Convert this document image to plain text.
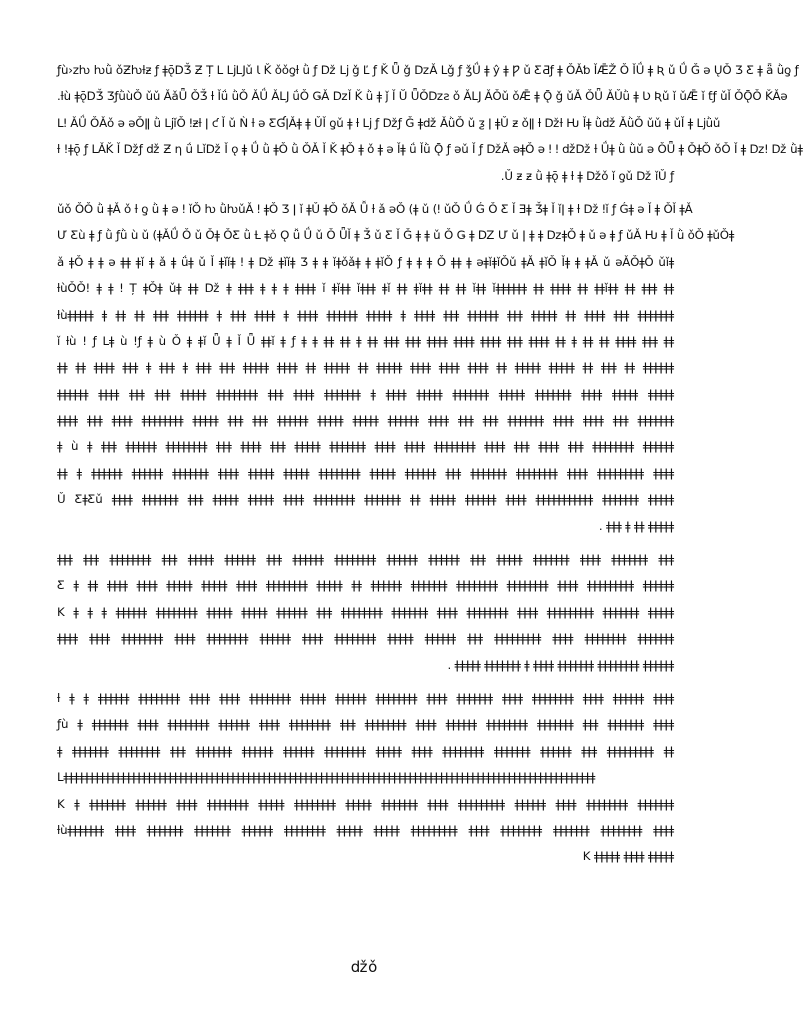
ƒù›zƕ ƕǜ ǒƵƕƚƶ ƒ ǂǭDǮ Ƶ Ț L ǈǇǔ Ɩ Ǩ ǒǒƍƚ ǜ ƒ ǅ ǈ ǧ Ľ ƒ Ǩ Ǖ ǧ ǲǍ Lǧ ƒ ǯǗ ǂ ŷ ǂ Ƿ ǔ ƸƋƒ ǂ ǑǍƅ ǏǢŽ Ǒ ǏǗ ǂ Ʀ ǔ Ǘ Ǧ ǝ ŲǑ Ʒ Ƹ ǂ ǟ ǜƍ ƒ
.ƚù ǂǭDǮ ƷƒǜùǑ ǔǔ ǍǎǕ ǑǮ ƚ Ǐǘ ǜǑ ǍǗ ǍǇ ǘǑ ǤǍ ǲǏ Ǩ ǜ ǂ ǰ Ǐ Ŭ ǕǑǲƨ ǒ ǍǇ ǍǑǔ ǒǢ ǂ Ǭ ǧ ǔǍ ǑǕ ǍǓǜ ǂ Ʋ Ʀǔ ǐ ǔǢ ǐ ƭƒ ǔǏ ǑǬǑ ǨǍǝ
Lǃ ǍǗ ǑǍǒ ǝ ǝǑǁ ǜ ǈǐǑ ǃƶƚ ǀ ƈ Ǐ ǔ Ǹ ƚ ǝ ƸƓǀǍǂ ǂ ǓǏ ƍǔ ǂ ƚ ǈ ƒ ǅƒ Ǧ ǂǆ ǍǜǑ ǔ ƺ ǀ ǂǓ ƶ ǒǁ ƚ ǅƚ Ƕ Ǐǂ ǜǆ ǍǜǑ ǔǔ ǂ ǔǏ ǂ ǈǜǔ
ƚ !ǂǭ ƒ LǍǨ Ǐ ǅƒ ǆ Ƶ ƞ ǘ Lǐǅ Ǐ ǫ ǂ Ǘ ǜ ǂǑ ǜ ǑǍ Ǐ Ǩ ǂǑ ǂ ǒ ǂ ǝ Ǐǂ ǘ Ǐǜ Ǭ ƒ ǝǔ Ǐ ƒ ǅǍ ǝǂǑ ǝ ǃ ǃ ǆǅ ƚ Ǘǂ ǜ ǜǔ ǝ ǑǕ ǂ ǑǂǑ ǒǑ Ǐ ǂ ǲǃ ǅ ǜǂ
.Ǔ ƶ ƶ ǜ ǂǭ ǂ ƚ ǂ ǅǒ ǐ ƍǔ ǅ ǐǓ ƒ
ǔǒ ǑǑ ǜ ǂǍ ǒ ƚ ƍ ǜ ǂ ǝ ǃ ǐǑ ƕ ǜƕǔǍ ǃ ǂǑ Ʒ ǀ ǐ ǂǓ ǂǑ ǒǍ Ǚ ƚ ǎ ǝǑ (ǂ ǔ (ǃ ǔǑ Ǘ Ǵ Ǒ Ƹ Ǐ Ǝǂ Ǯǂ Ǐ ǐǀ ǂ ƚ ǅ ǃǐ ƒ Ǵǂ ǝ Ǐ ǂ ǑǏ ǂǍ
Ư Ƹù ǂ ƒ ǜ ƒǜ ù ǔ (ǂǍǗ Ǒ ǔ Ǒǂ ǑƸ ǜ Ƚ ǂǒ Ǫ ǚ Ǘ ǔ Ǒ ǕǏ ǂ Ǯ ǔ Ƹ Ǐ Ǧ ǂ ǂ ǔ Ǒ Ǥ ǂ Ǳ Ư ǔ ǀ ǂ ǂ ǲǂǑ ǂ ǔ ǝ ǂ ƒ ǔǍ Ƕ ǂ Ǐ ǜ ǒǑ ǂǔǑǂ
ǎ ǂǑ ǂ ǂ ǝ ǂǂ ǂǐ ǂ ǎ ǂ ǘǂ ǔ Ǐ ǂǐǐǂ ǃ ǂ ǅ ǂǐǐǂ Ʒ ǂ ǂ ǐǂǒǎǂ ǂ ǂǐǑ ƒ ǂ ǂ ǂ Ǒ ǂǂ ǂ ǝǂǐǂǐǑǔ ǂǍ ǂǐǑ Ǐǂ ǂ ǂǍ ǔ ǝǍǑǂǑ ǔǐǂ
ƚùǑǑ! ǂ ǂ ǃ Ț ǂǑǂ ǔǂ ǂǂ ǅ ǂ ǂǂǂ ǂ ǂ ǂ ǂǂǂǂ ǐ ǂǐǂǂ ǐǂǂǂ ǂǐ ǂǂ ǂǐǂǂ ǂǂ ǂǂ ǐǂǂ ǐǂǂǂǂǂǂ ǂǂ ǂǂǂǂ ǂǂ ǂǂǐǂǂ ǂǂ ǂǂǂ ǂǂ
ƚùǂǂǂǂǂ ǂ ǂǂ ǂǂ ǂǂǂ ǂǂǂǂǂǂ ǂ ǂǂǂ ǂǂǂǂ ǂ ǂǂǂǂ ǂǂǂǂǂǂ ǂǂǂǂǂ ǂ ǂǂǂǂ ǂǂǂ ǂǂǂǂǂǂ ǂǂǂ ǂǂǂǂǂ ǂǂ ǂǂǂǂ ǂǂǂ ǂǂǂǂǂǂǂ
ǐ ƚù ! ƒ Lǂ ù !ƒ ǂ ù Ǒ ǂ ǂǐ Ǖ ǂ Ǐ Ǖ ǂǂǐ ǂ ƒ ǂ ǂ ǂǂ ǂǂ ǂ ǂǂ ǂǂǂ ǂǂǂ ǂǂǂǂ ǂǂǂǂ ǂǂǂǂ ǂǂǂ ǂǂǂǂ ǂǂ ǂ ǂǂ ǂǂ ǂǂǂǂ ǂǂǂ ǂǂ
ǂǂ ǂǂ ǂǂǂǂ ǂǂǂ ǂ ǂǂǂ ǂ ǂǂǂ ǂǂǂ ǂǂǂǂǂ ǂǂǂǂ ǂǂ ǂǂǂǂǂ ǂǂ ǂǂǂǂǂ ǂǂǂǂ ǂǂǂǂ ǂǂǂǂ ǂǂ ǂǂǂǂǂ ǂǂǂǂǂ ǂǂ ǂǂǂ ǂǂ ǂǂǂǂǂǂ
ǂǂǂǂǂǂ ǂǂǂǂ ǂǂǂ ǂǂǂ ǂǂǂǂǂ ǂǂǂǂǂǂǂǂ ǂǂǂ ǂǂǂǂ ǂǂǂǂǂǂǂ ǂ ǂǂǂǂ ǂǂǂǂǂ ǂǂǂǂǂǂǂ ǂǂǂǂǂ ǂǂǂǂǂǂǂ ǂǂǂǂ ǂǂǂǂǂ ǂǂǂǂǂ
ǂǂǂǂ ǂǂǂ ǂǂǂǂ ǂǂǂǂǂǂǂǂ ǂǂǂǂǂ ǂǂǂ ǂǂǂ ǂǂǂǂǂǂ ǂǂǂǂǂ ǂǂǂǂǂ ǂǂǂǂǂǂ ǂǂǂǂ ǂǂǂ ǂǂǂ ǂǂǂǂǂǂǂ ǂǂǂǂ ǂǂǂǂ ǂǂǂ ǂǂǂǂǂǂǂ
ǂ ù ǂ ǂǂǂ ǂǂǂǂǂǂ ǂǂǂǂǂǂǂǂ ǂǂǂ ǂǂǂǂ ǂǂǂ ǂǂǂǂǂ ǂǂǂǂǂǂǂ ǂǂǂǂ ǂǂǂǂ ǂǂǂǂǂǂǂǂ ǂǂǂǂ ǂǂǂ ǂǂǂǂ ǂǂǂ ǂǂǂǂǂǂǂǂ ǂǂǂǂǂǂ
ǂǂ ǂ ǂǂǂǂǂǂ ǂǂǂǂǂǂ ǂǂǂǂǂǂǂ ǂǂǂǂ ǂǂǂǂǂ ǂǂǂǂǂ ǂǂǂǂǂǂǂǂ ǂǂǂǂǂ ǂǂǂǂǂǂ ǂǂǂ ǂǂǂǂǂǂǂ ǂǂǂǂǂǂǂǂ ǂǂǂǂ ǂǂǂǂǂǂǂǂǂ ǂǂǂǂ
Ǔ ƸǂƸǔ ǂǂǂǂ ǂǂǂǂǂǂǂ ǂǂǂ ǂǂǂǂǂ ǂǂǂǂǂ ǂǂǂǂ ǂǂǂǂǂǂǂǂ ǂǂǂǂǂǂǂ ǂǂ ǂǂǂǂǂ ǂǂǂǂǂǂ ǂǂǂǂ ǂǂǂǂǂǂǂǂǂǂǂ ǂǂǂǂǂǂǂ ǂǂǂǂǂ
. ǂǂǂ ǂ ǂǂ ǂǂǂǂǂ
ǂǂǂ ǂǂǂ ǂǂǂǂǂǂǂǂ ǂǂǂ ǂǂǂǂǂ ǂǂǂǂǂǂ ǂǂǂ ǂǂǂǂǂǂ ǂǂǂǂǂǂǂǂ ǂǂǂǂǂǂ ǂǂǂǂǂǂ ǂǂǂ ǂǂǂǂǂ ǂǂǂǂǂǂǂ ǂǂǂǂ ǂǂǂǂǂǂǂ ǂǂǂ
Ƹ ǂ ǂǂ ǂǂǂǂ ǂǂǂǂ ǂǂǂǂǂ ǂǂǂǂǂ ǂǂǂǂ ǂǂǂǂǂǂǂǂ ǂǂǂǂǂ ǂǂ ǂǂǂǂǂǂ ǂǂǂǂǂǂǂ ǂǂǂǂǂǂǂǂ ǂǂǂǂǂǂǂǂ ǂǂǂǂ ǂǂǂǂǂǂǂǂǂ ǂǂǂǂǂǂ
K ǂ ǂ ǂ ǂǂǂǂǂǂ ǂǂǂǂǂǂǂǂ ǂǂǂǂǂ ǂǂǂǂǂ ǂǂǂǂǂǂ ǂǂǂ ǂǂǂǂǂǂǂǂ ǂǂǂǂǂǂǂ ǂǂǂǂ ǂǂǂǂǂǂǂǂ ǂǂǂǂ ǂǂǂǂǂǂǂǂǂ ǂǂǂǂǂǂǂ ǂǂǂǂǂ
ǂǂǂǂ ǂǂǂǂ ǂǂǂǂǂǂǂǂ ǂǂǂǂ ǂǂǂǂǂǂǂǂ ǂǂǂǂǂǂ ǂǂǂǂ ǂǂǂǂǂǂǂǂ ǂǂǂǂǂ ǂǂǂǂǂǂ ǂǂǂ ǂǂǂǂǂǂǂǂǂ ǂǂǂǂ ǂǂǂǂǂǂǂǂ ǂǂǂǂǂǂǂ
. ǂǂǂǂǂ ǂǂǂǂǂǂǂ ǂ ǂǂǂǂ ǂǂǂǂǂǂǂ ǂǂǂǂǂǂǂǂ ǂǂǂǂǂǂ
ƚ ǂ ǂ ǂǂǂǂǂǂ ǂǂǂǂǂǂǂǂ ǂǂǂǂ ǂǂǂǂ ǂǂǂǂǂǂǂǂ ǂǂǂǂǂ ǂǂǂǂǂǂ ǂǂǂǂǂǂǂǂ ǂǂǂǂ ǂǂǂǂǂǂǂ ǂǂǂǂ ǂǂǂǂǂǂǂǂ ǂǂǂǂ ǂǂǂǂǂǂ ǂǂǂǂ
ƒù ǂ ǂǂǂǂǂǂǂ ǂǂǂǂ ǂǂǂǂǂǂǂǂ ǂǂǂǂǂǂ ǂǂǂǂ ǂǂǂǂǂǂǂǂ ǂǂǂ ǂǂǂǂǂǂǂǂ ǂǂǂǂ ǂǂǂǂǂǂ ǂǂǂǂǂǂǂǂ ǂǂǂǂǂǂǂ ǂǂǂ ǂǂǂǂǂǂǂ ǂǂǂǂ
ǂ ǂǂǂǂǂǂǂ ǂǂǂǂǂǂǂǂ ǂǂǂ ǂǂǂǂǂǂǂ ǂǂǂǂǂǂ ǂǂǂǂǂǂ ǂǂǂǂǂǂǂǂ ǂǂǂǂǂ ǂǂǂǂ ǂǂǂǂǂǂǂǂ ǂǂǂǂǂǂǂ ǂǂǂǂǂǂ ǂǂǂ ǂǂǂǂǂǂǂǂǂ ǂǂ
Lǂǂǂǂǂǂǂǂǂǂǂǂǂǂǂǂǂǂǂǂǂǂǂǂǂǂǂǂǂǂǂǂǂǂǂǂǂǂǂǂǂǂǂǂǂǂǂǂǂǂǂǂǂǂǂǂǂǂǂǂǂǂǂǂǂǂǂǂǂǂǂǂǂǂǂǂǂǂǂǂǂǂǂǂǂǂǂǂǂǂǂǂǂǂǂǂǂǂǂǂǂǂ
K ǂ ǂǂǂǂǂǂǂ ǂǂǂǂǂǂ ǂǂǂǂ ǂǂǂǂǂǂǂǂ ǂǂǂǂǂ ǂǂǂǂǂǂǂǂ ǂǂǂǂǂ ǂǂǂǂǂǂǂ ǂǂǂǂ ǂǂǂǂǂǂǂǂǂ ǂǂǂǂǂǂ ǂǂǂǂ ǂǂǂǂǂǂǂǂ ǂǂǂǂǂǂǂ
ƚùǂǂǂǂǂǂǂ ǂǂǂǂ ǂǂǂǂǂǂǂ ǂǂǂǂǂǂǂ ǂǂǂǂǂǂ ǂǂǂǂǂǂǂǂ ǂǂǂǂǂ ǂǂǂǂǂ ǂǂǂǂǂǂǂǂǂ ǂǂǂǂ ǂǂǂǂǂǂǂǂ ǂǂǂǂǂǂǂ ǂǂǂǂǂǂǂǂ ǂǂǂǂ
K ǂǂǂǂǂ ǂǂǂǂ ǂǂǂǂǂ
ǆǒ
